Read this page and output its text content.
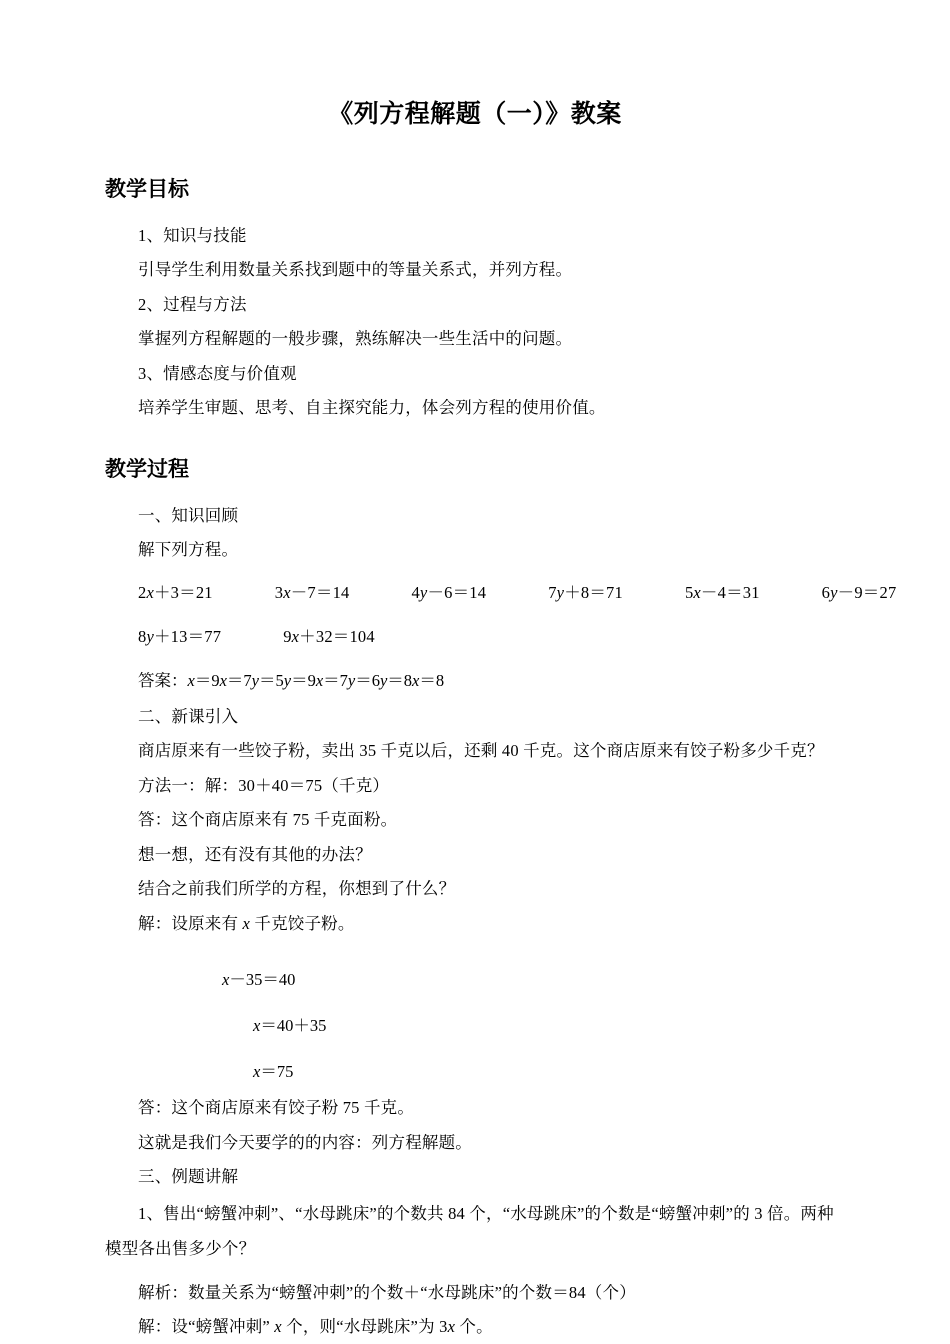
《列方程解题（一）》教案
教学目标

1、知识与技能

引导学生利用数量关系找到题中的等量关系式，并列方程。

2、过程与方法

掌握列方程解题的一般步骤，熟练解决一些生活中的问题。

3、情感态度与价值观

培养学生审题、思考、自主探究能力，体会列方程的使用价值。

教学过程

一、知识回顾

解下列方程。

2x＋3＝21	3x－7＝14	4y－6＝14	7y＋8＝71	5x－4＝31	6y－9＝27

8y＋13＝77	9x＋32＝104

答案：x＝9x＝7y＝5y＝9x＝7y＝6y＝8x＝8

二、新课引入

商店原来有一些饺子粉，卖出 35 千克以后，还剩 40 千克。这个商店原来有饺子粉多少千克？

方法一：解：30＋40＝75（千克）

答：这个商店原来有 75 千克面粉。

想一想，还有没有其他的办法？

结合之前我们所学的方程，你想到了什么？

解：设原来有 x 千克饺子粉。

x－35＝40

x＝40＋35

x＝75

答：这个商店原来有饺子粉 75 千克。

这就是我们今天要学的的内容：列方程解题。

三、例题讲解

1、售出“螃蟹冲刺”、“水母跳床”的个数共 84 个，“水母跳床”的个数是“螃蟹冲刺”的 3 倍。两种模型各出售多少个？

解析：数量关系为“螃蟹冲刺”的个数＋“水母跳床”的个数＝84（个）

解：设“螃蟹冲刺” x 个，则“水母跳床”为 3x 个。
